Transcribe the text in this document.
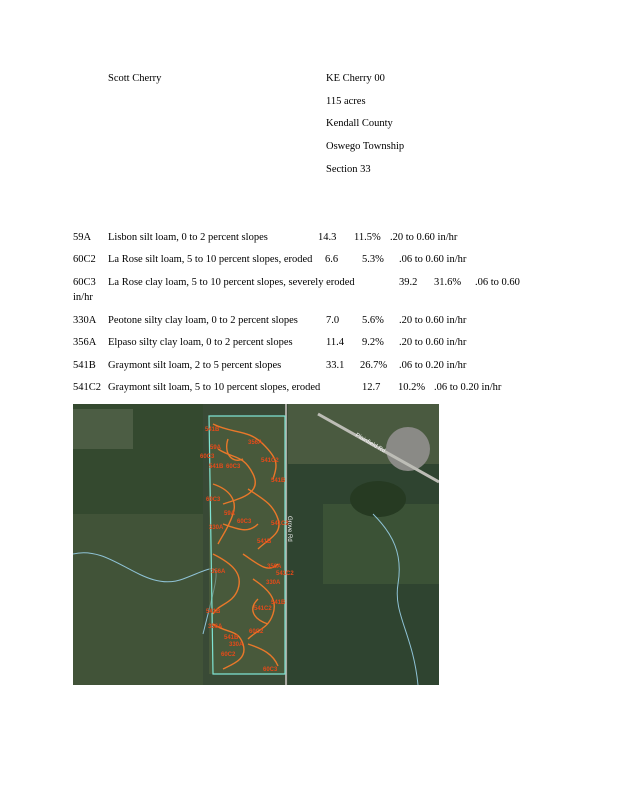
Scott Cherry	KE Cherry 00
115 acres
Kendall County
Oswego Township
Section 33
59A Lisbon silt loam, 0 to 2 percent slopes	14.3 11.5% .20 to 0.60 in/hr
60C2 La Rose silt loam, 5 to 10 percent slopes, eroded 6.6 5.3% .06 to 0.60 in/hr
60C3 La Rose clay loam, 5 to 10 percent slopes, severely eroded	39.2 31.6% .06 to 0.60
in/hr
330A Peotone silty clay loam, 0 to 2 percent slopes	7.0 5.6% .20 to 0.60 in/hr
356A Elpaso silty clay loam, 0 to 2 percent slopes	11.4 9.2% .20 to 0.60 in/hr
541B Graymont silt loam, 2 to 5 percent slopes	33.1 26.7% .06 to 0.20 in/hr
541C2 Graymont silt loam, 5 to 10 percent slopes, eroded	12.7 10.2% .06 to 0.20 in/hr
Plainfield Rd
Grove Rd
541B
356A
59A
60C3
541B 60C3
541C2
541B
60C3
59A
60C3	541C2
330A
541B
356A
541C2
330A
356A
541B
541C2
541B
60C2
356A
330A
60C2
60C3
541B
